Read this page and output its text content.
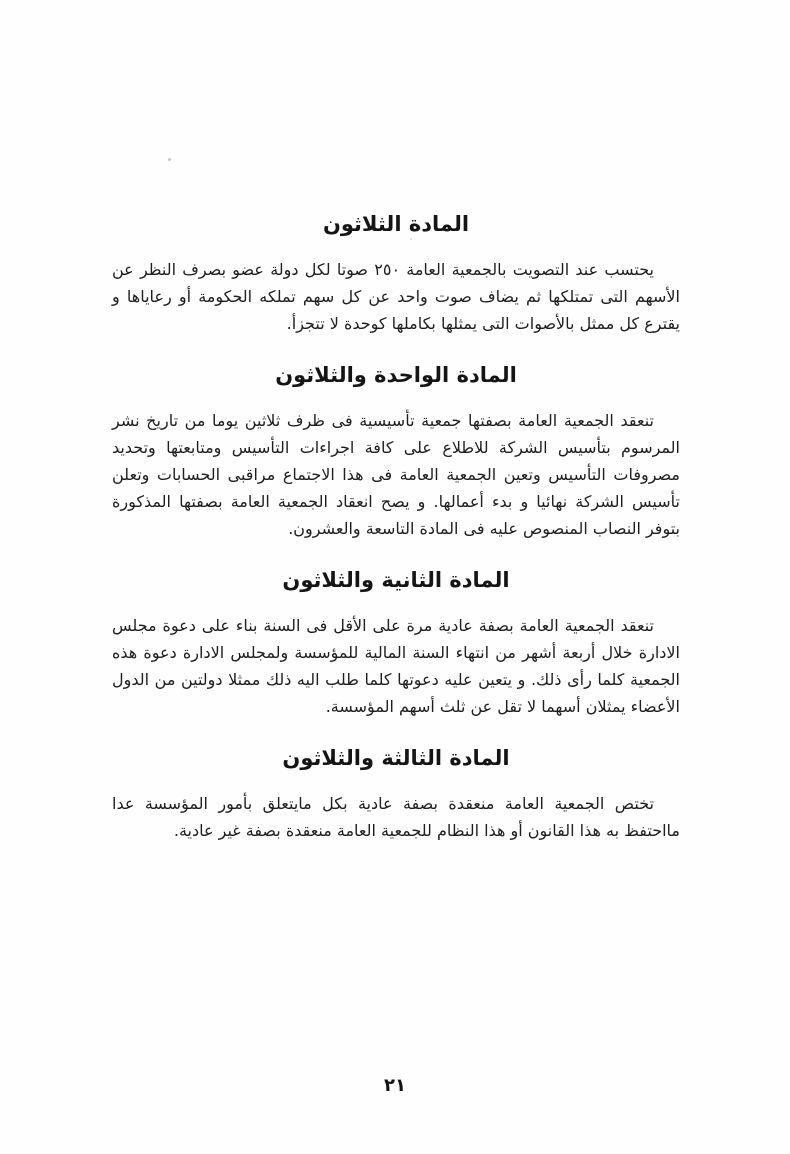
المادة الثلاثون

يحتسب عند التصويت بالجمعية العامة ٢٥٠ صوتا لكل دولة عضو بصرف النظر عن الأسهم التى تمتلكها ثم يضاف صوت واحد عن كل سهم تملكه الحكومة أو رعاياها و يقترع كل ممثل بالأصوات التى يمثلها بكاملها كوحدة لا تتجزأ.

المادة الواحدة والثلاثون

تنعقد الجمعية العامة بصفتها جمعية تأسيسية فى ظرف ثلاثين يوما من تاريخ نشر المرسوم بتأسيس الشركة للاطلاع على كافة اجراءات التأسيس ومتابعتها وتحديد مصروفات التأسيس وتعين الجمعية العامة فى هذا الاجتماع مراقبى الحسابات وتعلن تأسيس الشركة نهائيا و بدء أعمالها. و يصح انعقاد الجمعية العامة بصفتها المذكورة بتوفر النصاب المنصوص عليه فى المادة التاسعة والعشرون.

المادة الثانية والثلاثون

تنعقد الجمعية العامة بصفة عادية مرة على الأقل فى السنة بناء على دعوة مجلس الادارة خلال أربعة أشهر من انتهاء السنة المالية للمؤسسة ولمجلس الادارة دعوة هذه الجمعية كلما رأى ذلك. و يتعين عليه دعوتها كلما طلب اليه ذلك ممثلا دولتين من الدول الأعضاء يمثلان أسهما لا تقل عن ثلث أسهم المؤسسة.

المادة الثالثة والثلاثون

تختص الجمعية العامة منعقدة بصفة عادية بكل مايتعلق بأمور المؤسسة عدا مااحتفظ به هذا القانون أو هذا النظام للجمعية العامة منعقدة بصفة غير عادية.

٢١
